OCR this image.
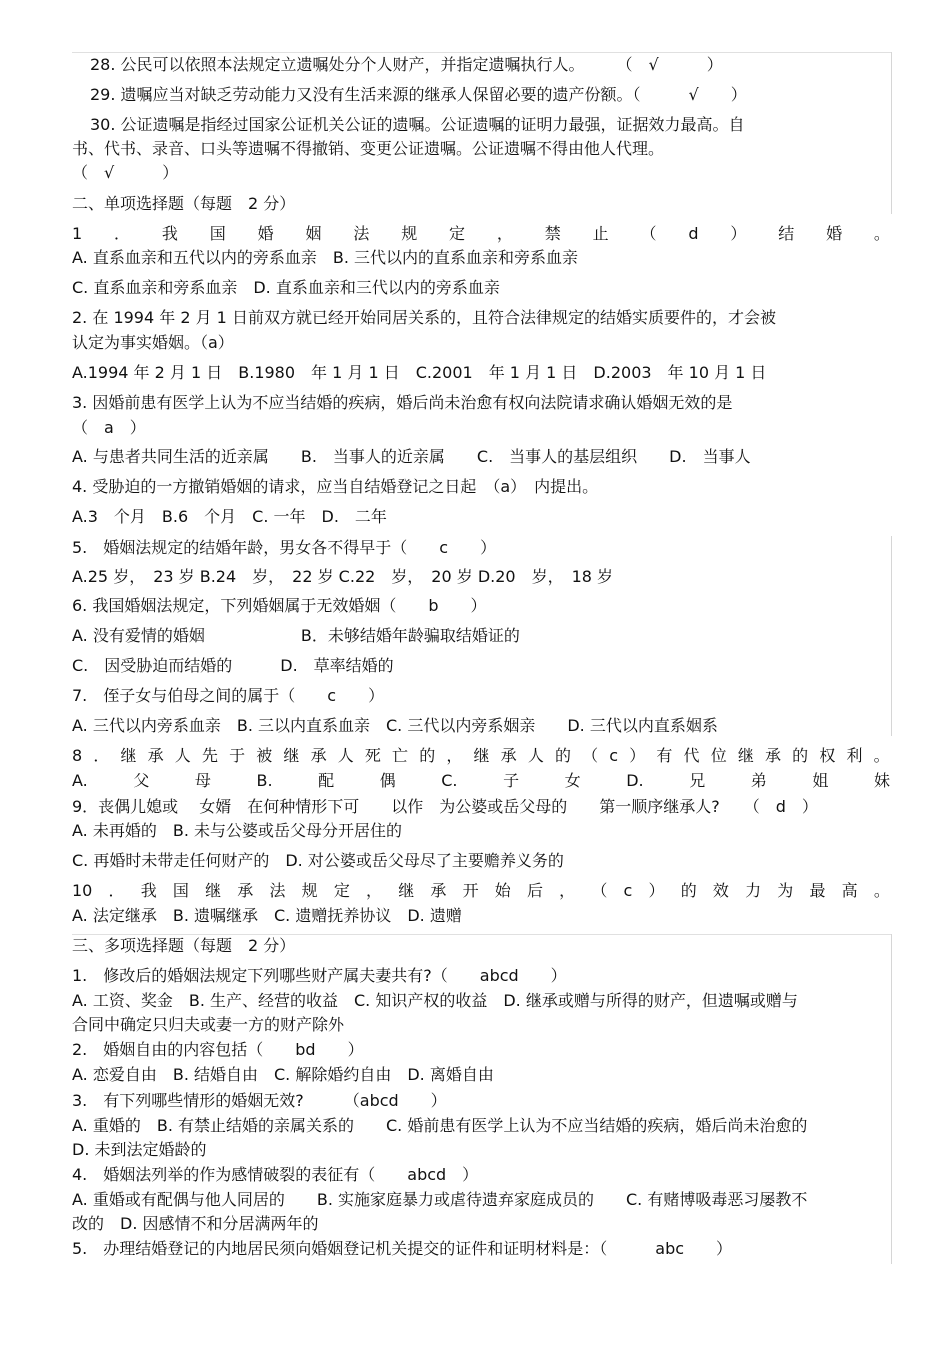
28. 公民可以依照本法规定立遗嘱处分个人财产，并指定遗嘱执行人。　　　（　√　　　）
29. 遗嘱应当对缺乏劳动能力又没有生活来源的继承人保留必要的遗产份额。（　　　√　　）
30. 公证遗嘱是指经过国家公证机关公证的遗嘱。公证遗嘱的证明力最强，证据效力最高。自
书、代书、录音、口头等遗嘱不得撤销、变更公证遗嘱。公证遗嘱不得由他人代理。
（　√　　　）
二、单项选择题（每题　2 分）
1 ． 我 国 婚 姻 法 规 定 ， 禁 止 （ d ） 结 婚 。
A. 直系血亲和五代以内的旁系血亲　B. 三代以内的直系血亲和旁系血亲
C. 直系血亲和旁系血亲　D. 直系血亲和三代以内的旁系血亲
2. 在 1994 年 2 月 1 日前双方就已经开始同居关系的，且符合法律规定的结婚实质要件的，才会被
认定为事实婚姻。（a）
A.1994 年 2 月 1 日　B.1980　年 1 月 1 日　C.2001　年 1 月 1 日　D.2003　年 10 月 1 日
3. 因婚前患有医学上认为不应当结婚的疾病，婚后尚未治愈有权向法院请求确认婚姻无效的是
（　a　）
A. 与患者共同生活的近亲属　　B.　当事人的近亲属　　C.　当事人的基层组织　　D.　当事人
4. 受胁迫的一方撤销婚姻的请求，应当自结婚登记之日起　（a）　内提出。
A.3　个月　B.6　个月　C. 一年　D.　二年
5.　婚姻法规定的结婚年龄，男女各不得早于（　　c　　）
A.25 岁，　23 岁 B.24　岁，　22 岁 C.22　岁，　20 岁 D.20　岁，　18 岁
6. 我国婚姻法规定，下列婚姻属于无效婚姻（　　b　　）
A. 没有爱情的婚姻　　　　　　B．未够结婚年龄骗取结婚证的
C.　因受胁迫而结婚的　　　D.　草率结婚的
7.　侄子女与伯母之间的属于（　　c　　）
A. 三代以内旁系血亲　B. 三以内直系血亲　C. 三代以内旁系姻亲　　D. 三代以内直系姻系
8 ． 继 承 人 先 于 被 继 承 人 死 亡 的 ， 继 承 人 的 （ c ） 有 代 位 继 承 的 权 利 。
A.	父	母	B.	配	偶	C.	子	女	D.	兄	弟	姐	妹
9．丧偶儿媳或　 女婿　在何种情形下可　　以作　为公婆或岳父母的　　第一顺序继承人?　　（　d　）
A. 未再婚的　B. 未与公婆或岳父母分开居住的
C. 再婚时未带走任何财产的　D. 对公婆或岳父母尽了主要赡养义务的
10 ． 我 国 继 承 法 规 定 ， 继 承 开 始 后 ， （ c ） 的 效 力 为 最 高 。
A. 法定继承　B. 遗嘱继承　C. 遗赠抚养协议　D. 遗赠
三、多项选择题（每题　2 分）
1.　修改后的婚姻法规定下列哪些财产属夫妻共有?（　　abcd　　）
A. 工资、奖金　B. 生产、经营的收益　C. 知识产权的收益　D. 继承或赠与所得的财产，但遗嘱或赠与
合同中确定只归夫或妻一方的财产除外
2.　婚姻自由的内容包括（　　bd　　）
A. 恋爱自由　B. 结婚自由　C. 解除婚约自由　D. 离婚自由
3.　有下列哪些情形的婚姻无效?　　　（abcd　　）
A. 重婚的　B. 有禁止结婚的亲属关系的　　C. 婚前患有医学上认为不应当结婚的疾病，婚后尚未治愈的
D. 未到法定婚龄的
4.　婚姻法列举的作为感情破裂的表征有（　　abcd　）
A. 重婚或有配偶与他人同居的　　B. 实施家庭暴力或虐待遗弃家庭成员的　　C. 有赌博吸毒恶习屡教不
改的　D. 因感情不和分居满两年的
5.　办理结婚登记的内地居民须向婚姻登记机关提交的证件和证明材料是：（　　　abc　　）
